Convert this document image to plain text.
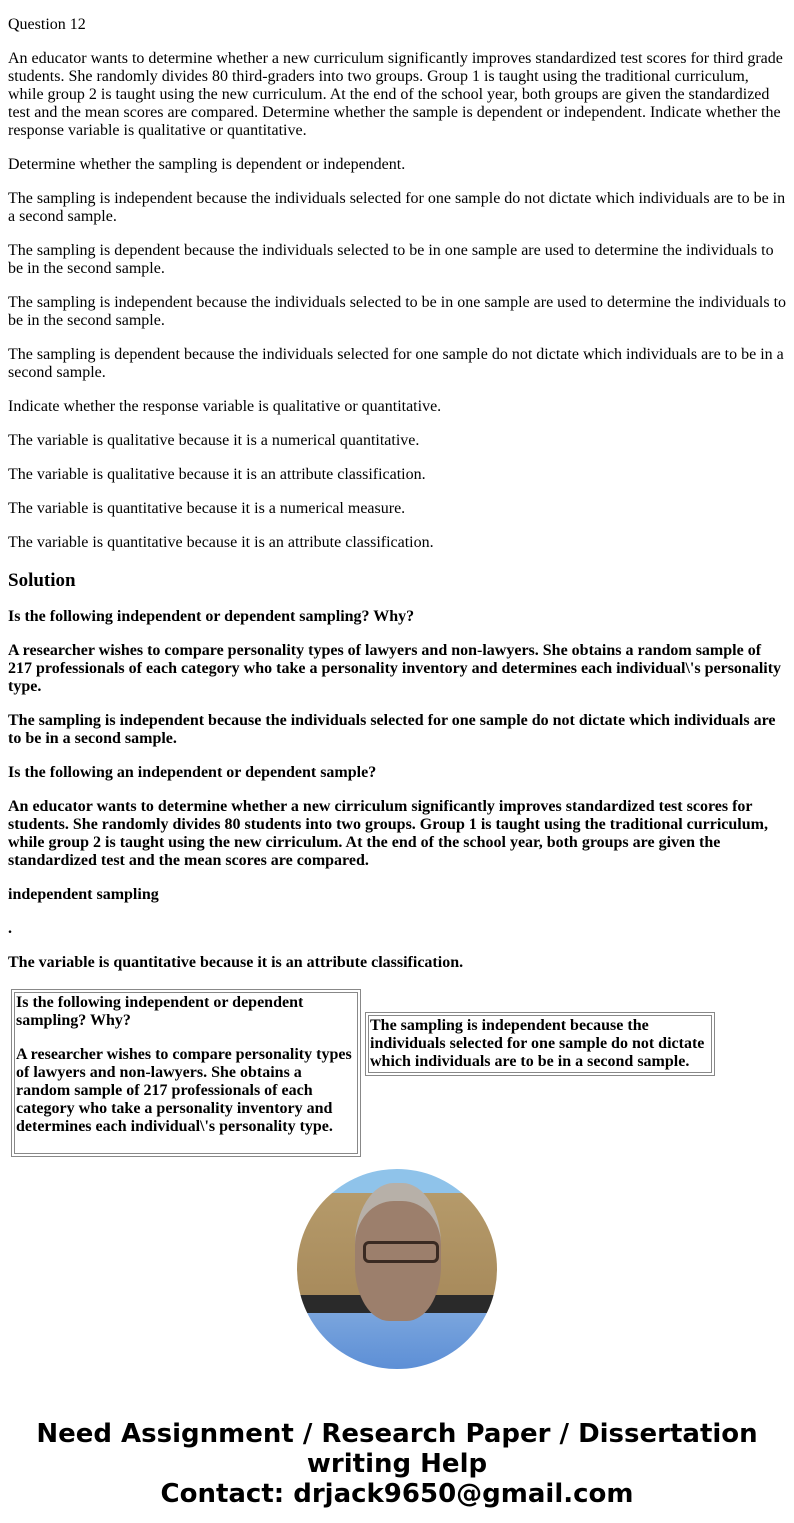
Question 12

An educator wants to determine whether a new curriculum significantly improves standardized test scores for third grade students. She randomly divides 80 third-graders into two groups. Group 1 is taught using the traditional curriculum, while group 2 is taught using the new curriculum. At the end of the school year, both groups are given the standardized test and the mean scores are compared. Determine whether the sample is dependent or independent. Indicate whether the response variable is qualitative or quantitative.

Determine whether the sampling is dependent or independent.

The sampling is independent because the individuals selected for one sample do not dictate which individuals are to be in a second sample.

The sampling is dependent because the individuals selected to be in one sample are used to determine the individuals to be in the second sample.

The sampling is independent because the individuals selected to be in one sample are used to determine the individuals to be in the second sample.

The sampling is dependent because the individuals selected for one sample do not dictate which individuals are to be in a second sample.

Indicate whether the response variable is qualitative or quantitative.

The variable is qualitative because it is a numerical quantitative.

The variable is qualitative because it is an attribute classification.

The variable is quantitative because it is a numerical measure.

The variable is quantitative because it is an attribute classification.

Solution

Is the following independent or dependent sampling? Why?

A researcher wishes to compare personality types of lawyers and non-lawyers. She obtains a random sample of 217 professionals of each category who take a personality inventory and determines each individual\'s personality type.

The sampling is independent because the individuals selected for one sample do not dictate which individuals are to be in a second sample.

Is the following an independent or dependent sample?

An educator wants to determine whether a new cirriculum significantly improves standardized test scores for students. She randomly divides 80 students into two groups. Group 1 is taught using the traditional curriculum, while group 2 is taught using the new cirriculum. At the end of the school year, both groups are given the standardized test and the mean scores are compared.

independent sampling

.

The variable is quantitative because it is an attribute classification.

Is the following independent or dependent sampling? Why?

A researcher wishes to compare personality types of lawyers and non-lawyers. She obtains a random sample of 217 professionals of each category who take a personality inventory and determines each individual\'s personality type.

The sampling is independent because the individuals selected for one sample do not dictate which individuals are to be in a second sample.
Need Assignment / Research Paper / Dissertation writing Help
Contact: drjack9650@gmail.com
